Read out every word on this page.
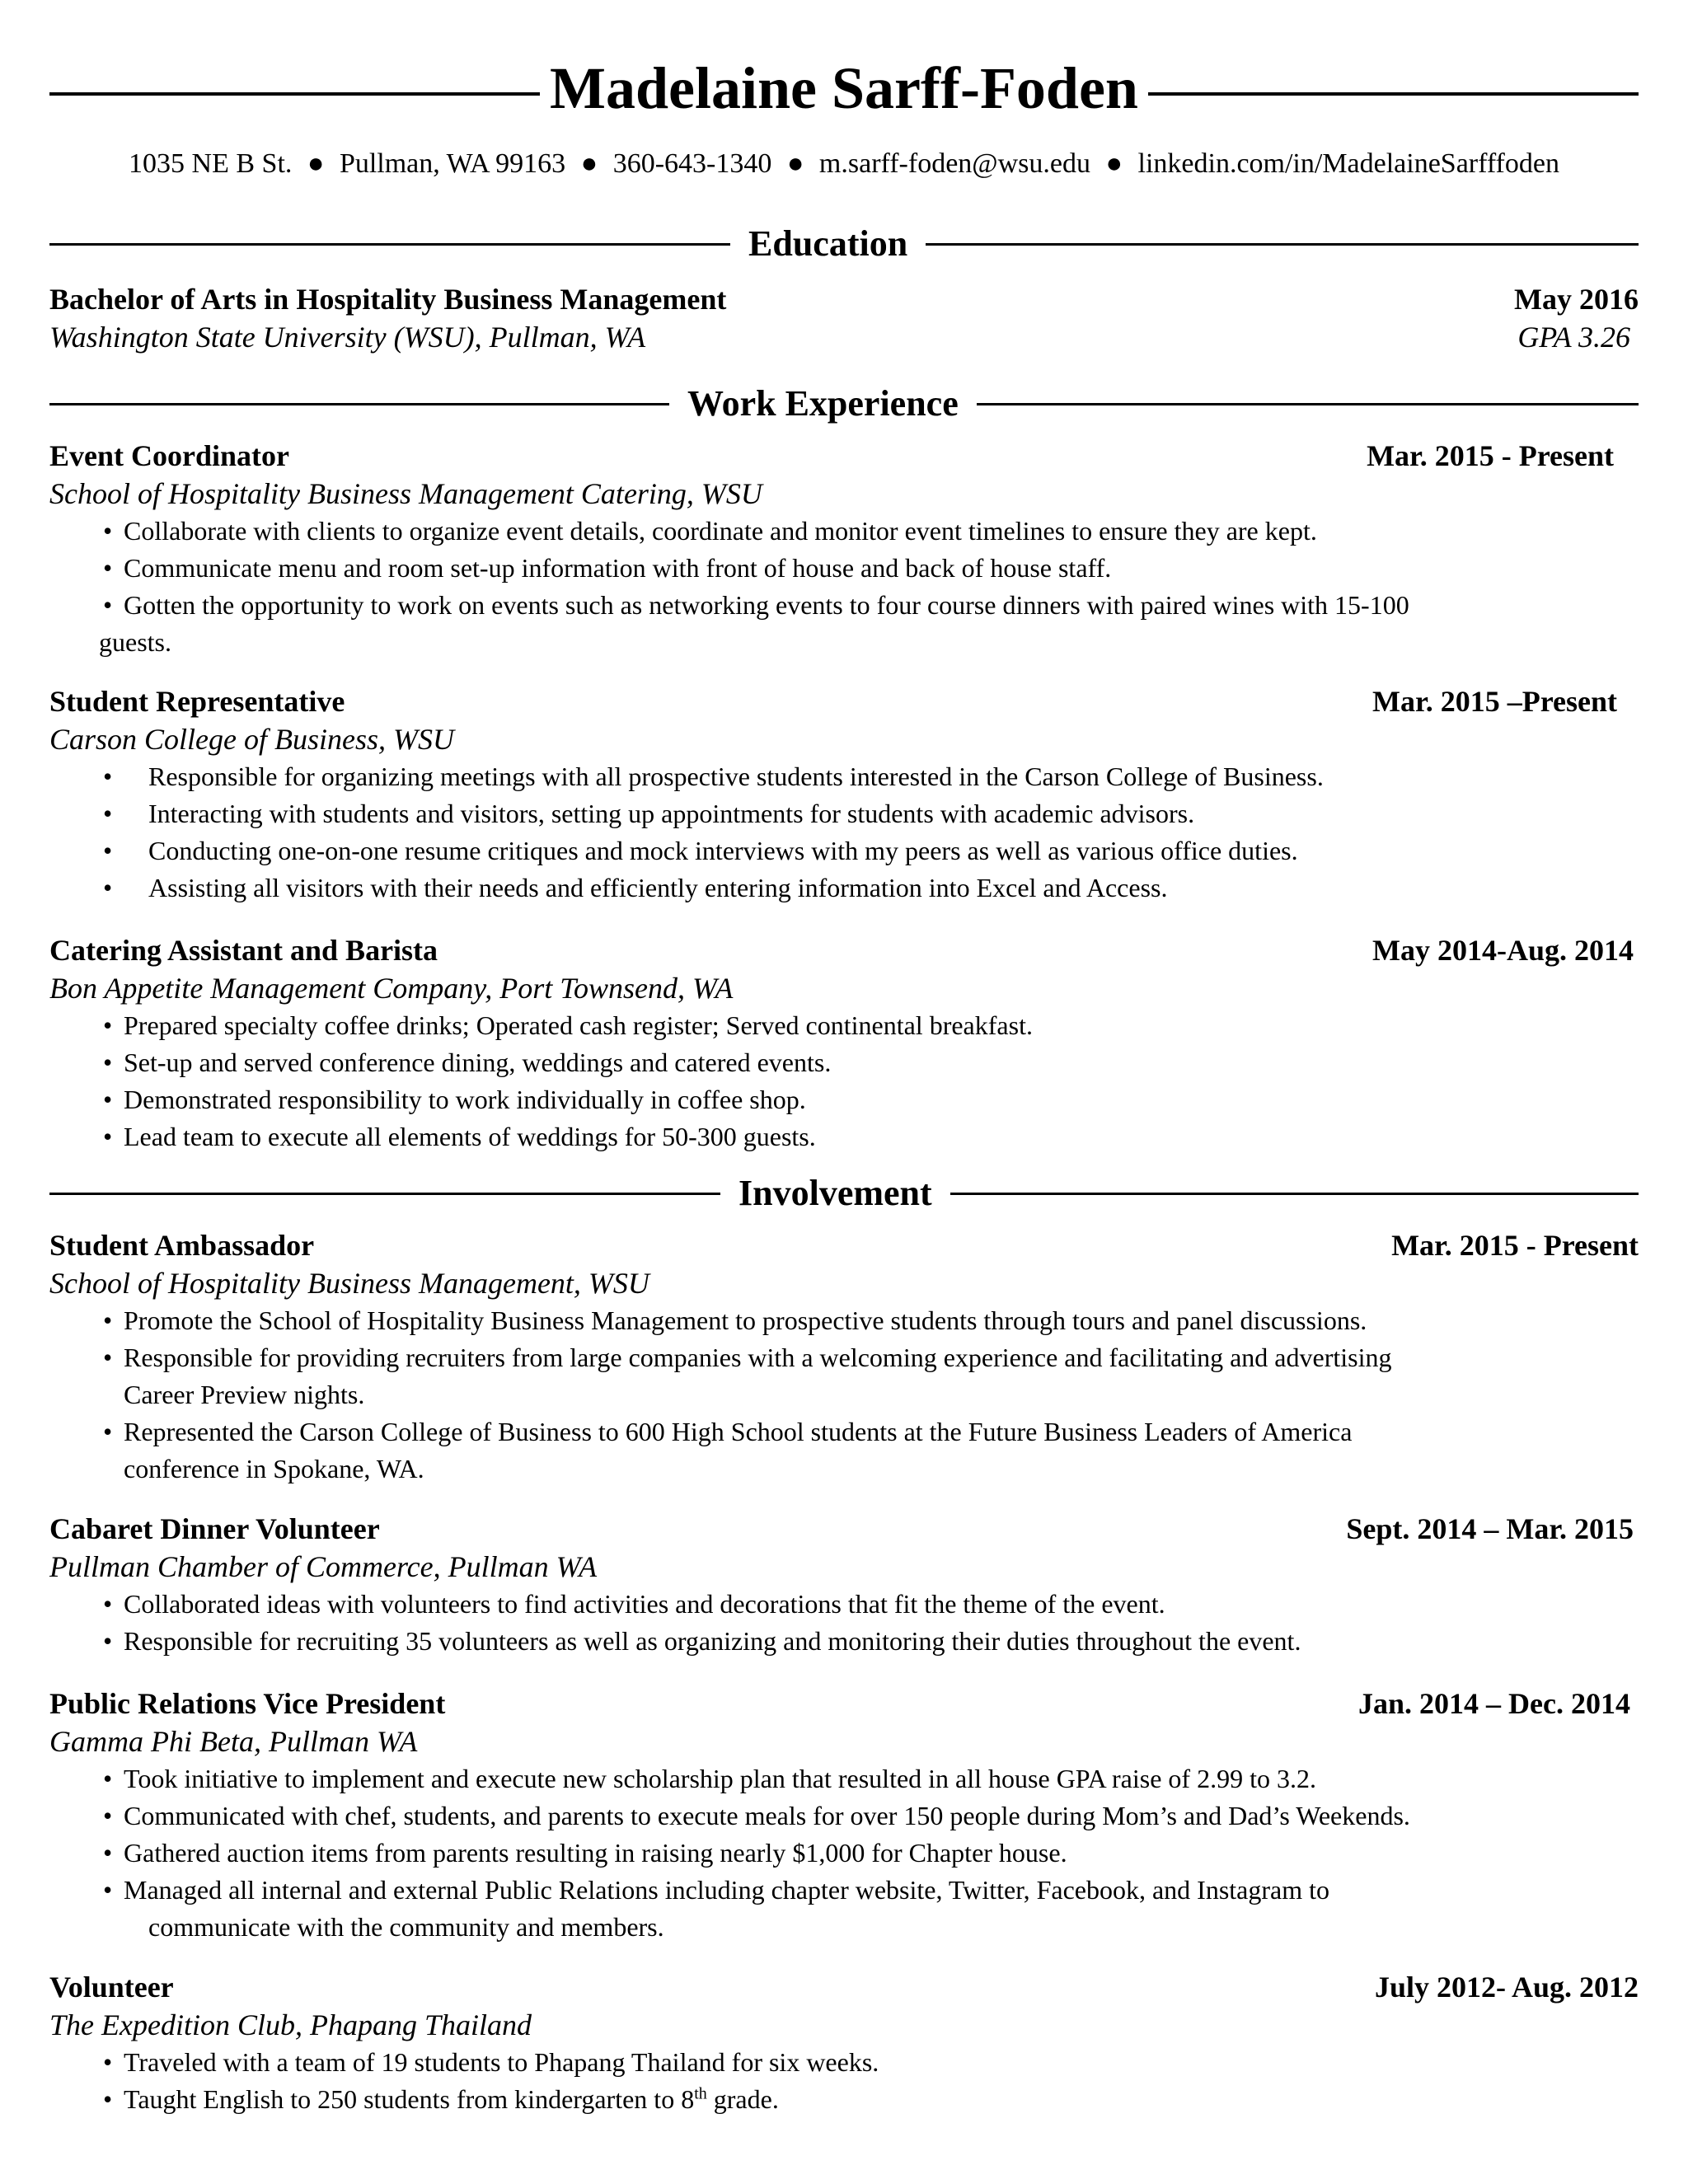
Madelaine Sarff-Foden
1035 NE B St. ● Pullman, WA 99163 ● 360-643-1340 ● m.sarff-foden@wsu.edu ● linkedin.com/in/MadelaineSarfffoden
Education
Bachelor of Arts in Hospitality Business Management	May 2016
Washington State University (WSU), Pullman, WA	GPA 3.26
Work Experience
Event Coordinator	Mar. 2015 - Present
School of Hospitality Business Management Catering, WSU
• Collaborate with clients to organize event details, coordinate and monitor event timelines to ensure they are kept.
• Communicate menu and room set-up information with front of house and back of house staff.
• Gotten the opportunity to work on events such as networking events to four course dinners with paired wines with 15-100
guests.
Student Representative	Mar. 2015 –Present
Carson College of Business, WSU
• Responsible for organizing meetings with all prospective students interested in the Carson College of Business.
• Interacting with students and visitors, setting up appointments for students with academic advisors.
• Conducting one-on-one resume critiques and mock interviews with my peers as well as various office duties.
• Assisting all visitors with their needs and efficiently entering information into Excel and Access.
Catering Assistant and Barista	May 2014-Aug. 2014
Bon Appetite Management Company, Port Townsend, WA
• Prepared specialty coffee drinks; Operated cash register; Served continental breakfast.
• Set-up and served conference dining, weddings and catered events.
• Demonstrated responsibility to work individually in coffee shop.
• Lead team to execute all elements of weddings for 50-300 guests.
Involvement
Student Ambassador	Mar. 2015 - Present
School of Hospitality Business Management, WSU
• Promote the School of Hospitality Business Management to prospective students through tours and panel discussions.
• Responsible for providing recruiters from large companies with a welcoming experience and facilitating and advertising
Career Preview nights.
• Represented the Carson College of Business to 600 High School students at the Future Business Leaders of America
conference in Spokane, WA.
Cabaret Dinner Volunteer	Sept. 2014 – Mar. 2015
Pullman Chamber of Commerce, Pullman WA
• Collaborated ideas with volunteers to find activities and decorations that fit the theme of the event.
• Responsible for recruiting 35 volunteers as well as organizing and monitoring their duties throughout the event.
Public Relations Vice President	Jan. 2014 – Dec. 2014
Gamma Phi Beta, Pullman WA
• Took initiative to implement and execute new scholarship plan that resulted in all house GPA raise of 2.99 to 3.2.
• Communicated with chef, students, and parents to execute meals for over 150 people during Mom’s and Dad’s Weekends.
• Gathered auction items from parents resulting in raising nearly $1,000 for Chapter house.
• Managed all internal and external Public Relations including chapter website, Twitter, Facebook, and Instagram to
communicate with the community and members.
Volunteer	July 2012- Aug. 2012
The Expedition Club, Phapang Thailand
• Traveled with a team of 19 students to Phapang Thailand for six weeks.
• Taught English to 250 students from kindergarten to 8th grade.
